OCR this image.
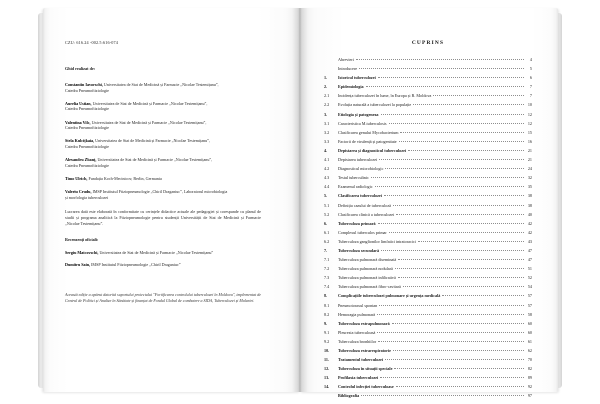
CZU: 616.24 -002.5:616-074
Ghid realizat de:
Constantin Iavorschi, Universitatea de Stat de Medicină și Farmacie „Nicolae Testemițanu”,
Catedra Pneumoftiziologie
Aurelia Ustian, Universitatea de Stat de Medicină și Farmacie „Nicolae Testemițanu”,
Catedra Pneumoftiziologie
Valentina Vilc, Universitatea de Stat de Medicină și Farmacie „Nicolae Testemițanu”,
Catedra Pneumoftiziologie
Stela Kulcițkaia, Universitatea de Stat de Medicină și Farmacie „Nicolae Testemițanu”,
Catedra Pneumoftiziologie
Alexandru Zbanț, Universitatea de Stat de Medicină și Farmacie „Nicolae Testemițanu”,
Catedra Pneumoftiziologie
Timo Ulrich, Fundația Koch-Mecinicov, Berlin, Germania
Valeriu Crudu, IMSP Institutul Ftiziopneumologie „Chiril Draganiuc”, Laboratorul microbiologia
și morfologia tuberculozei
Lucrarea dată este elaborată în conformitate cu cerințele didactice actuale ale pedagogiei și corespunde cu planul de studii și programa analitică la Ftiziopneumologie pentru studenții Universității de Stat de Medicină și Farmacie „Nicolae Testemițanu”.
Recenzenți oficiali:
Sergiu Matcovschi, Universitatea de Stat de Medicină și Farmacie „Nicolae Testemițanu”
Dumitru Sain, IMSP Institutul Ftiziopneumologie „Chiril Draganiuc”
Această ediție a apărut datorită suportului proiectului "Fortificarea controlului tuberculozei în Moldova", implementat de Centrul de Politici și Analize în Sănătate și finanțat de Fondul Global de combatere a SIDA, Tuberculozei și Malariei.
CUPRINS
Abrevieri	4
Introducere	5
1.	Istoricul tuberculozei	6
2.	Epidemiologia	7
2.1	Incidența tuberculozei în lume, în Europa și R. Moldova	7
2.2	Evoluția naturală a tuberculozei la populație	10
3.	Etiologia și patogeneza	12
3.1	Caracteristica M.tuberculosis	12
3.2	Clasificarea genului Mycobacterium	15
3.3	Factorii de virulență și patogenitate	16
4.	Depistarea și diagnosticul tuberculozei	21
4.1	Depistarea tuberculozei	21
4.2	Diagnosticul microbiologic	24
4.3	Testul tuberculinic	32
4.4	Examenul radiologic	35
5.	Clasificarea tuberculozei	38
5.1	Definiția cazului de tuberculoză	38
5.2	Clasificarea clinică a tuberculozei	40
6.	Tuberculoza primară	42
6.1	Complexul tuberculos primar	42
6.2	Tuberculoza ganglionilor limfatici intratoracici	43
7.	Tuberculoza secundară	47
7.1	Tuberculoza pulmonară diseminată	47
7.2	Tuberculoza pulmonară nodulară	51
7.3	Tuberculoza pulmonară infiltrativă	52
7.4	Tuberculoza pulmonară fibro-cavitară	54
8.	Complicațiile tuberculozei pulmonare și urgența medicală	57
8.1	Pneumotoraxul spontan	57
8.2	Hemoragia pulmonară	58
9.	Tuberculoza extrapulmonară	60
9.1	Pleurezia tuberculoasă	60
9.2	Tuberculoza bronhiilor	61
10.	Tuberculoza extrarespiratorie	62
11.	Tratamentul tuberculozei	70
12.	Tuberculoza în situații speciale	82
13.	Profilaxia tuberculozei	89
14.	Controlul infecției tuberculoase	92
Bibliografia	97
